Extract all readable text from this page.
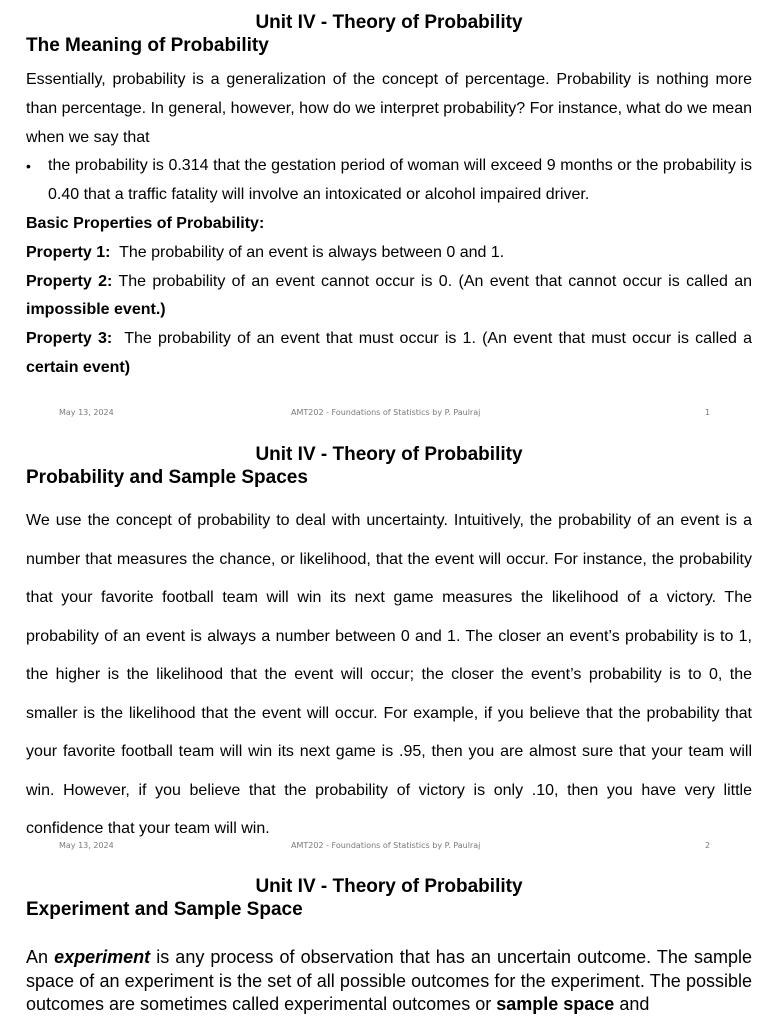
Unit IV - Theory of Probability
The Meaning of Probability

Essentially, probability is a generalization of the concept of percentage. Probability is nothing more than percentage. In general, however, how do we interpret probability? For instance, what do we mean when we say that

• the probability is 0.314 that the gestation period of woman will exceed 9 months or the probability is 0.40 that a traffic fatality will involve an intoxicated or alcohol impaired driver.

Basic Properties of Probability:

Property 1: The probability of an event is always between 0 and 1.

Property 2: The probability of an event cannot occur is 0. (An event that cannot occur is called an impossible event.)

Property 3: The probability of an event that must occur is 1. (An event that must occur is called a certain event)

May 13, 2024	AMT202 - Foundations of Statistics by P. Paulraj	1
Unit IV - Theory of Probability
Probability and Sample Spaces

We use the concept of probability to deal with uncertainty. Intuitively, the probability of an event is a number that measures the chance, or likelihood, that the event will occur. For instance, the probability that your favorite football team will win its next game measures the likelihood of a victory. The probability of an event is always a number between 0 and 1. The closer an event’s probability is to 1, the higher is the likelihood that the event will occur; the closer the event’s probability is to 0, the smaller is the likelihood that the event will occur. For example, if you believe that the probability that your favorite football team will win its next game is .95, then you are almost sure that your team will win. However, if you believe that the probability of victory is only .10, then you have very little confidence that your team will win.

May 13, 2024	AMT202 - Foundations of Statistics by P. Paulraj	2
Unit IV - Theory of Probability
Experiment and Sample Space

An experiment is any process of observation that has an uncertain outcome. The sample space of an experiment is the set of all possible outcomes for the experiment. The possible outcomes are sometimes called experimental outcomes or sample space and
